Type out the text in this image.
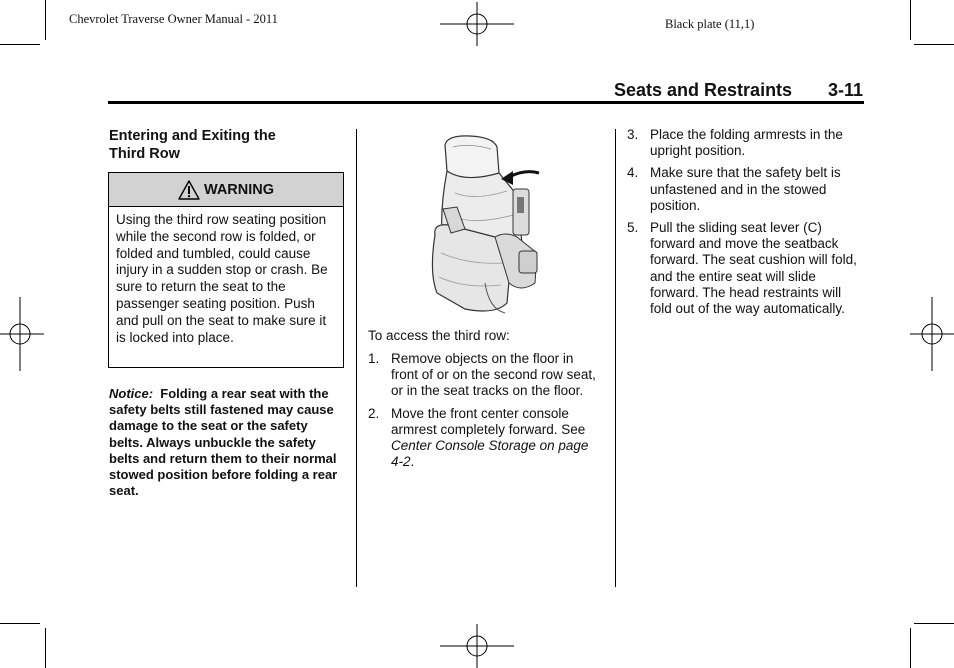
Chevrolet Traverse Owner Manual - 2011	Black plate (11,1)
Seats and Restraints 3-11
Entering and Exiting the
Third Row
WARNING
Using the third row seating position while the second row is folded, or folded and tumbled, could cause injury in a sudden stop or crash. Be sure to return the seat to the passenger seating position. Push and pull on the seat to make sure it is locked into place.
Notice: Folding a rear seat with the safety belts still fastened may cause damage to the seat or the safety belts. Always unbuckle the safety belts and return them to their normal stowed position before folding a rear seat.
To access the third row:
1. Remove objects on the floor in front of or on the second row seat, or in the seat tracks on the floor.
2. Move the front center console armrest completely forward. See Center Console Storage on page 4-2.
3. Place the folding armrests in the upright position.
4. Make sure that the safety belt is unfastened and in the stowed position.
5. Pull the sliding seat lever (C) forward and move the seatback forward. The seat cushion will fold, and the entire seat will slide forward. The head restraints will fold out of the way automatically.
